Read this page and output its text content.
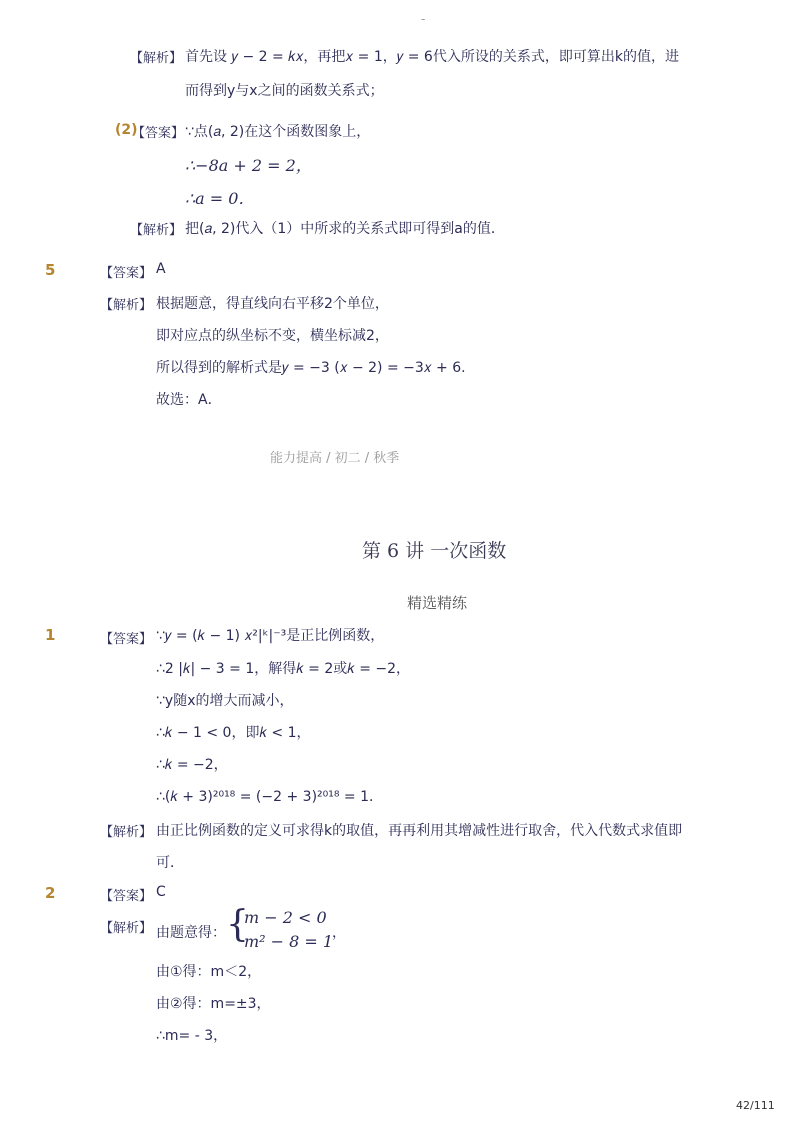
-
【解析】 首先设 𝑦 − 2 = 𝑘𝑥，再把𝑥 = 1，𝑦 = 6代入所设的关系式，即可算出k的值，进
而得到y与x之间的函数关系式；
(2)
【答案】 ∵点(𝑎, 2)在这个函数图象上，
∴−8𝑎 + 2 = 2，
∴𝑎 = 0．
【解析】 把(𝑎, 2)代入（1）中所求的关系式即可得到a的值．
5	【答案】 A
【解析】 根据题意，得直线向右平移2个单位，
即对应点的纵坐标不变，横坐标减2，
所以得到的解析式是𝑦 = −3 (𝑥 − 2) = −3𝑥 + 6.
故选：A．
能力提高 / 初二 / 秋季
第 6 讲 一次函数
精选精练
1	【答案】 ∵𝑦 = (𝑘 − 1) 𝑥²|ᵏ|⁻³是正比例函数，
∴2 |𝑘| − 3 = 1，解得𝑘 = 2或𝑘 = −2，
∵y随x的增大而减小，
∴𝑘 − 1 < 0，即𝑘 < 1，
∴𝑘 = −2，
∴(𝑘 + 3)²⁰¹⁸ = (−2 + 3)²⁰¹⁸ = 1．
【解析】 由正比例函数的定义可求得k的取值，再再利用其增减性进行取舍，代入代数式求值即
可．
2	【答案】 C
【解析】 由题意得： {
𝑚 − 2 < 0
𝑚² − 8 = 1
，
由①得：m＜2，
由②得：m=±3，
∴m= - 3，
42/111
